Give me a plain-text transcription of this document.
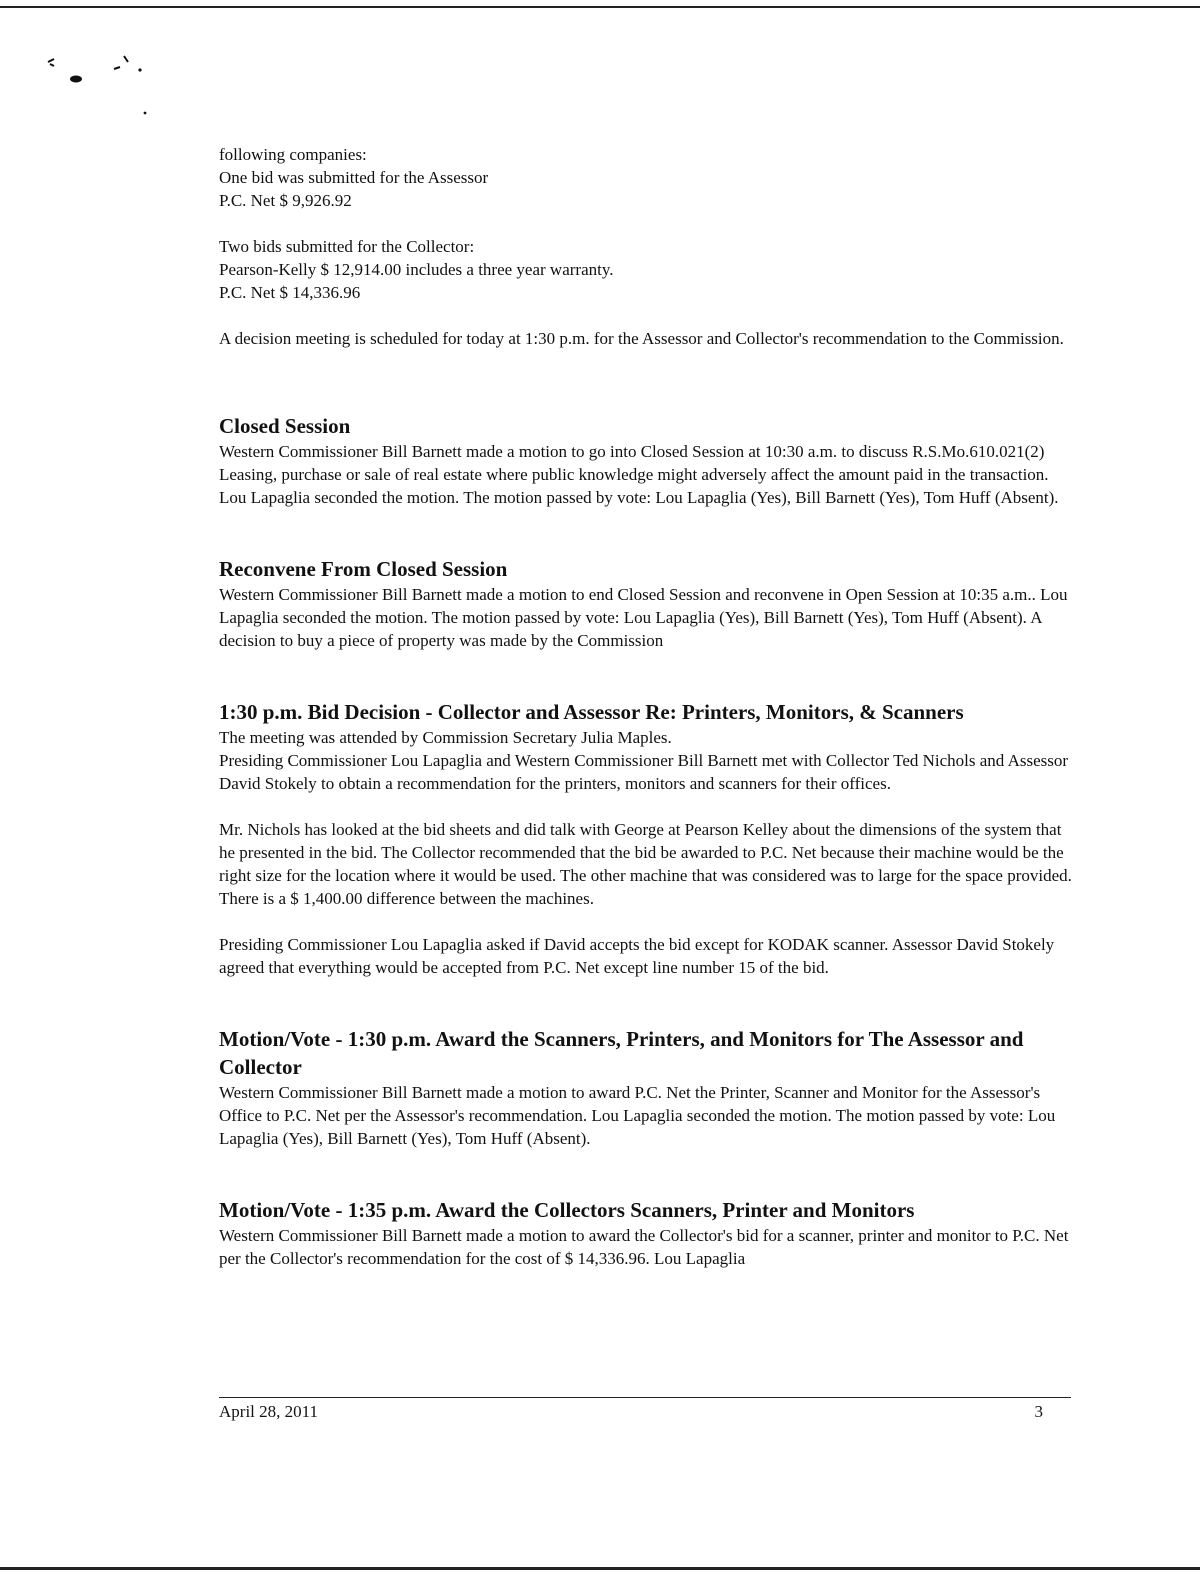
following companies:

One bid was submitted for the Assessor

P.C. Net $ 9,926.92

Two bids submitted for the Collector:

Pearson-Kelly $ 12,914.00 includes a three year warranty.

P.C. Net $ 14,336.96

A decision meeting is scheduled for today at 1:30 p.m. for the Assessor and Collector's recommendation to the Commission.

Closed Session

Western Commissioner Bill Barnett made a motion to go into Closed Session at 10:30 a.m. to discuss R.S.Mo.610.021(2) Leasing, purchase or sale of real estate where public knowledge might adversely affect the amount paid in the transaction. Lou Lapaglia seconded the motion. The motion passed by vote: Lou Lapaglia (Yes), Bill Barnett (Yes), Tom Huff (Absent).

Reconvene From Closed Session

Western Commissioner Bill Barnett made a motion to end Closed Session and reconvene in Open Session at 10:35 a.m.. Lou Lapaglia seconded the motion. The motion passed by vote: Lou Lapaglia (Yes), Bill Barnett (Yes), Tom Huff (Absent). A decision to buy a piece of property was made by the Commission

1:30 p.m. Bid Decision - Collector and Assessor Re: Printers, Monitors, & Scanners

The meeting was attended by Commission Secretary Julia Maples.

Presiding Commissioner Lou Lapaglia and Western Commissioner Bill Barnett met with Collector Ted Nichols and Assessor David Stokely to obtain a recommendation for the printers, monitors and scanners for their offices.

Mr. Nichols has looked at the bid sheets and did talk with George at Pearson Kelley about the dimensions of the system that he presented in the bid. The Collector recommended that the bid be awarded to P.C. Net because their machine would be the right size for the location where it would be used. The other machine that was considered was to large for the space provided. There is a $ 1,400.00 difference between the machines.

Presiding Commissioner Lou Lapaglia asked if David accepts the bid except for KODAK scanner. Assessor David Stokely agreed that everything would be accepted from P.C. Net except line number 15 of the bid.

Motion/Vote - 1:30 p.m. Award the Scanners, Printers, and Monitors for The Assessor and Collector

Western Commissioner Bill Barnett made a motion to award P.C. Net the Printer, Scanner and Monitor for the Assessor's Office to P.C. Net per the Assessor's recommendation. Lou Lapaglia seconded the motion. The motion passed by vote: Lou Lapaglia (Yes), Bill Barnett (Yes), Tom Huff (Absent).

Motion/Vote - 1:35 p.m. Award the Collectors Scanners, Printer and Monitors

Western Commissioner Bill Barnett made a motion to award the Collector's bid for a scanner, printer and monitor to P.C. Net per the Collector's recommendation for the cost of $ 14,336.96. Lou Lapaglia

April 28, 2011	3
